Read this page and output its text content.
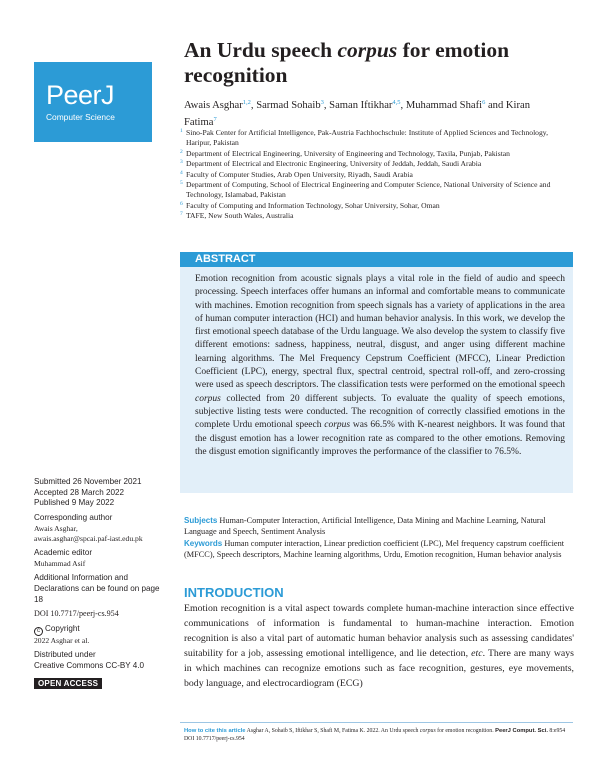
PeerJ
Computer Science
An Urdu speech corpus for emotion recognition
Awais Asghar$^{1,2}$, Sarmad Sohaib$^3$, Saman Iftikhar$^{4,5}$, Muhammad Shafi$^6$ and Kiran Fatima$^7$
1 Sino-Pak Center for Artificial Intelligence, Pak-Austria Fachhochschule: Institute of Applied Sciences and Technology, Haripur, Pakistan
2 Department of Electrical Engineering, University of Engineering and Technology, Taxila, Punjab, Pakistan
3 Department of Electrical and Electronic Engineering, University of Jeddah, Jeddah, Saudi Arabia
4 Faculty of Computer Studies, Arab Open University, Riyadh, Saudi Arabia
5 Department of Computing, School of Electrical Engineering and Computer Science, National University of Science and Technology, Islamabad, Pakistan
6 Faculty of Computing and Information Technology, Sohar University, Sohar, Oman
7 TAFE, New South Wales, Australia
ABSTRACT
Emotion recognition from acoustic signals plays a vital role in the field of audio and speech processing. Speech interfaces offer humans an informal and comfortable means to communicate with machines. Emotion recognition from speech signals has a variety of applications in the area of human computer interaction (HCI) and human behavior analysis. In this work, we develop the first emotional speech database of the Urdu language. We also develop the system to classify five different emotions: sadness, happiness, neutral, disgust, and anger using different machine learning algorithms. The Mel Frequency Cepstrum Coefficient (MFCC), Linear Prediction Coefficient (LPC), energy, spectral flux, spectral centroid, spectral roll-off, and zero-crossing were used as speech descriptors. The classification tests were performed on the emotional speech corpus collected from 20 different subjects. To evaluate the quality of speech emotions, subjective listing tests were conducted. The recognition of correctly classified emotions in the complete Urdu emotional speech corpus was 66.5% with K-nearest neighbors. It was found that the disgust emotion has a lower recognition rate as compared to the other emotions. Removing the disgust emotion significantly improves the performance of the classifier to 76.5%.
Subjects Human-Computer Interaction, Artificial Intelligence, Data Mining and Machine Learning, Natural Language and Speech, Sentiment Analysis
Keywords Human computer interaction, Linear prediction coefficient (LPC), Mel frequency capstrum coefficient (MFCC), Speech descriptors, Machine learning algorithms, Urdu, Emotion recognition, Human behavior analysis
Submitted 26 November 2021
Accepted 28 March 2022
Published 9 May 2022
Corresponding author
Awais Asghar,
awais.asghar@spcai.paf-iast.edu.pk
Academic editor
Muhammad Asif
Additional Information and Declarations can be found on page 18
DOI 10.7717/peerj-cs.954
c Copyright
2022 Asghar et al.
Distributed under
Creative Commons CC-BY 4.0
OPEN ACCESS
INTRODUCTION
Emotion recognition is a vital aspect towards complete human-machine interaction since effective communications of information is fundamental to human-machine interaction. Emotion recognition is also a vital part of automatic human behavior analysis such as assessing candidates' suitability for a job, assessing emotional intelligence, and lie detection, etc. There are many ways in which machines can recognize emotions such as face recognition, gestures, eye movements, body language, and electrocardiogram (ECG)
How to cite this article Asghar A, Sohaib S, Iftikhar S, Shafi M, Fatima K. 2022. An Urdu speech corpus for emotion recognition. PeerJ Comput. Sci. 8:e954 DOI 10.7717/peerj-cs.954
